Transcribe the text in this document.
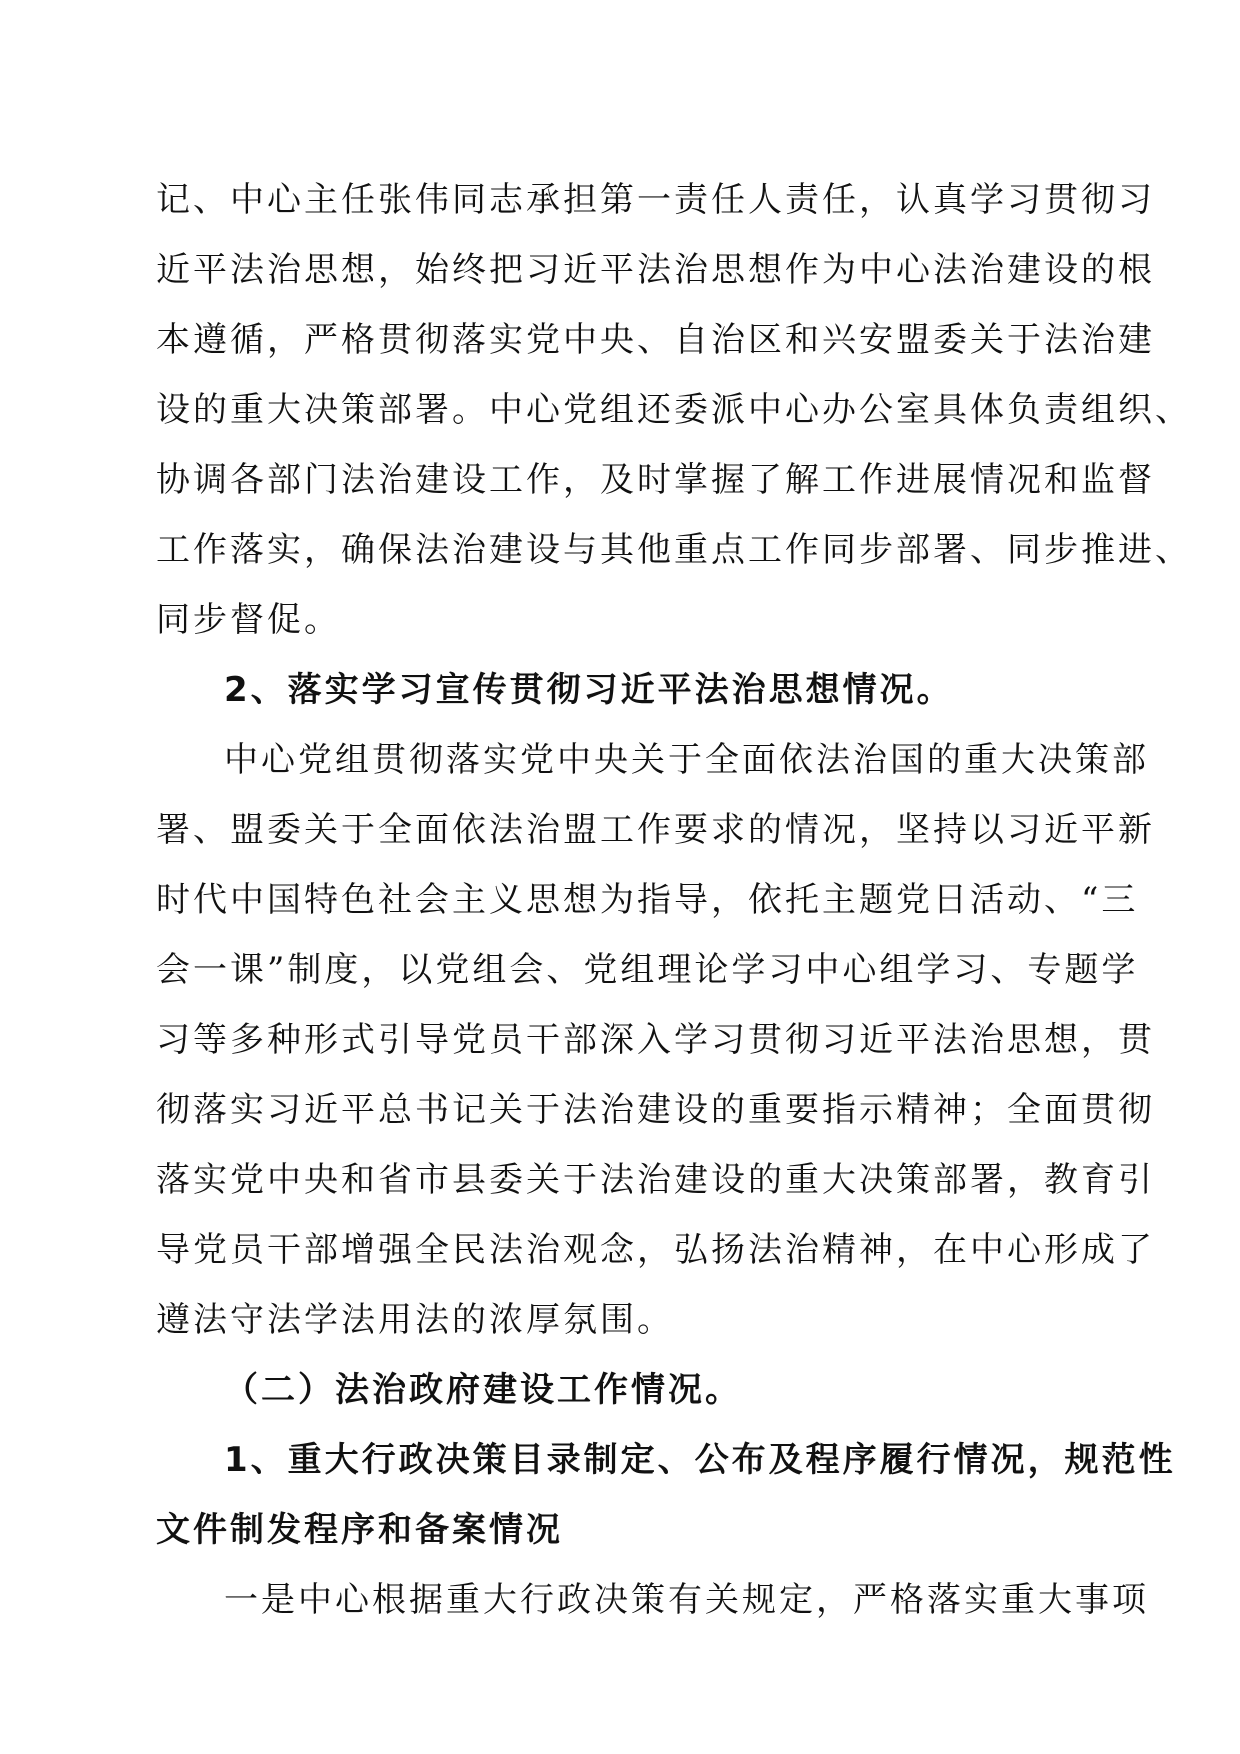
记、中心主任张伟同志承担第一责任人责任，认真学习贯彻习

近平法治思想，始终把习近平法治思想作为中心法治建设的根

本遵循，严格贯彻落实党中央、自治区和兴安盟委关于法治建

设的重大决策部署。中心党组还委派中心办公室具体负责组织、

协调各部门法治建设工作，及时掌握了解工作进展情况和监督

工作落实，确保法治建设与其他重点工作同步部署、同步推进、

同步督促。

2、落实学习宣传贯彻习近平法治思想情况。

中心党组贯彻落实党中央关于全面依法治国的重大决策部

署、盟委关于全面依法治盟工作要求的情况，坚持以习近平新

时代中国特色社会主义思想为指导，依托主题党日活动、“三

会一课”制度，以党组会、党组理论学习中心组学习、专题学

习等多种形式引导党员干部深入学习贯彻习近平法治思想，贯

彻落实习近平总书记关于法治建设的重要指示精神；全面贯彻

落实党中央和省市县委关于法治建设的重大决策部署，教育引

导党员干部增强全民法治观念，弘扬法治精神，在中心形成了

遵法守法学法用法的浓厚氛围。

（二）法治政府建设工作情况。

1、重大行政决策目录制定、公布及程序履行情况，规范性

文件制发程序和备案情况

一是中心根据重大行政决策有关规定，严格落实重大事项
